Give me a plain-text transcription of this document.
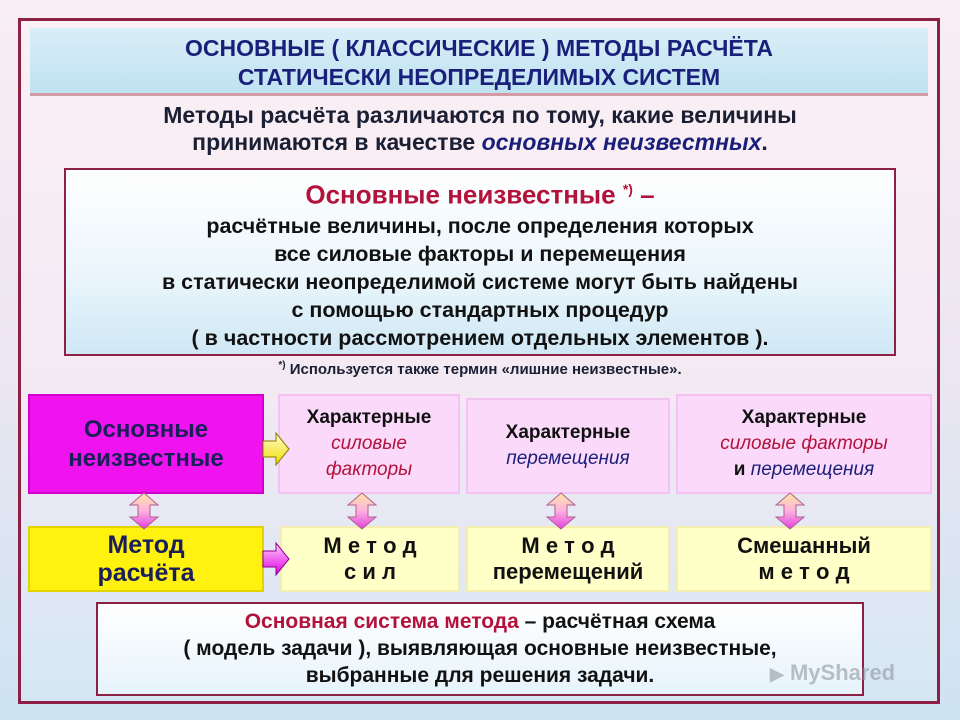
ОСНОВНЫЕ ( КЛАССИЧЕСКИЕ ) МЕТОДЫ РАСЧЁТА
СТАТИЧЕСКИ НЕОПРЕДЕЛИМЫХ СИСТЕМ
Методы расчёта различаются по тому, какие величины
принимаются в качестве основных неизвестных.
Основные неизвестные *) –
расчётные величины, после определения которых
все силовые факторы и перемещения
в статически неопределимой системе могут быть найдены
с помощью стандартных процедур
( в частности рассмотрением отдельных элементов ).
*) Используется также термин «лишние неизвестные».
Основные
неизвестные
Метод
расчёта
Характерные
силовые
факторы
Характерные
перемещения
Характерные
силовые факторы
и перемещения
М е т о д
с и л
М е т о д
перемещений
Смешанный
м е т о д
Основная система метода – расчётная схема
( модель задачи ), выявляющая основные неизвестные,
выбранные для решения задачи.	▶ MyShared
